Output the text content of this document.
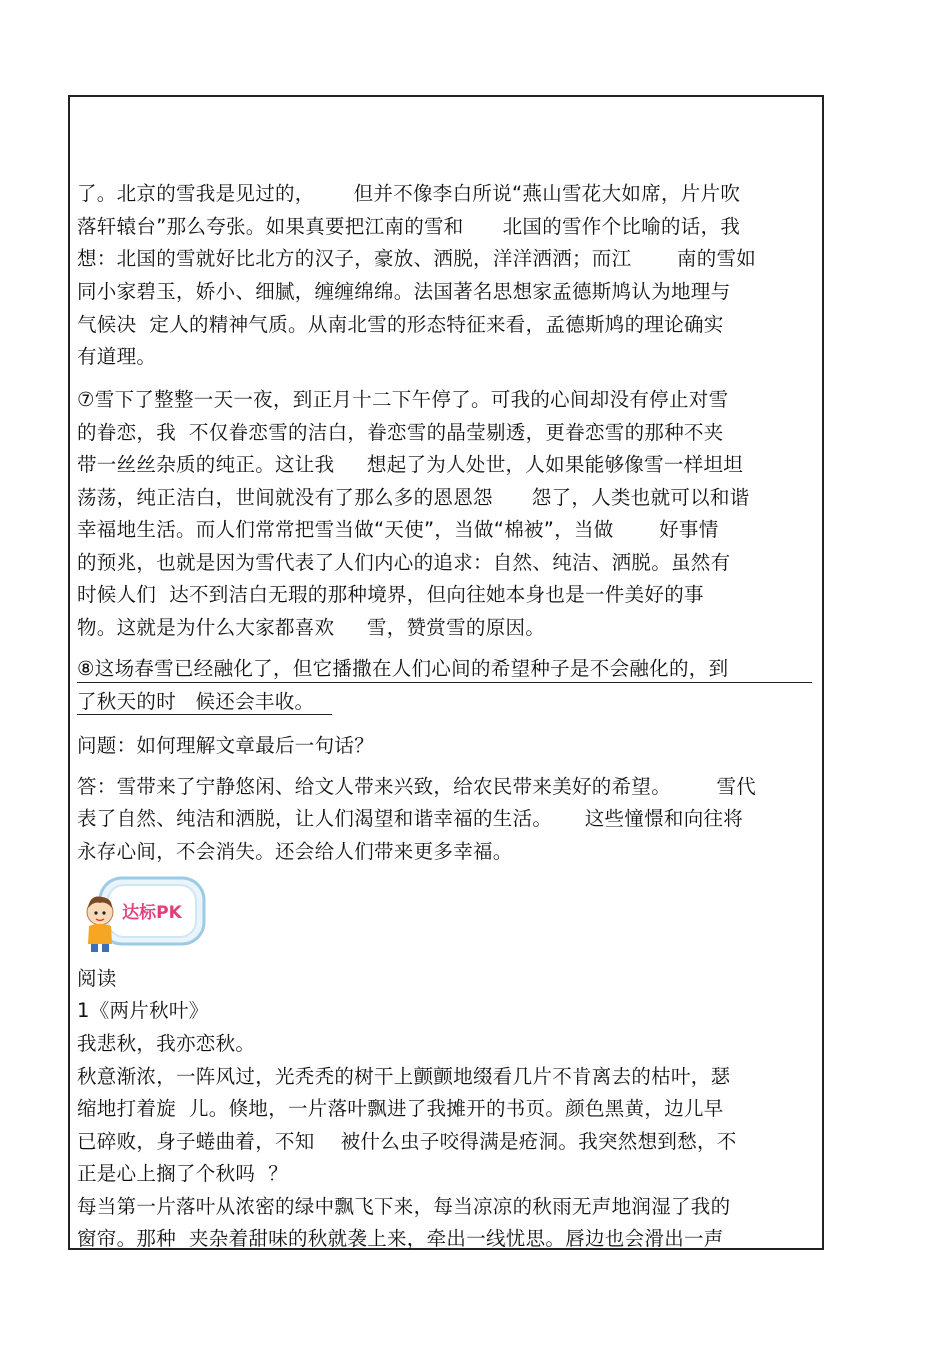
了。北京的雪我是见过的，      但并不像李白所说“燕山雪花大如席，片片吹
落轩辕台”那么夸张。如果真要把江南的雪和      北国的雪作个比喻的话，我
想：北国的雪就好比北方的汉子，豪放、洒脱，洋洋洒洒；而江       南的雪如
同小家碧玉，娇小、细腻，缠缠绵绵。法国著名思想家孟德斯鸠认为地理与
气候决  定人的精神气质。从南北雪的形态特征来看，孟德斯鸠的理论确实
有道理。
⑦雪下了整整一天一夜，到正月十二下午停了。可我的心间却没有停止对雪
的眷恋，我  不仅眷恋雪的洁白，眷恋雪的晶莹剔透，更眷恋雪的那种不夹
带一丝丝杂质的纯正。这让我     想起了为人处世，人如果能够像雪一样坦坦
荡荡，纯正洁白，世间就没有了那么多的恩恩怨      怨了，人类也就可以和谐
幸福地生活。而人们常常把雪当做“天使”，当做“棉被”，当做       好事情
的预兆，也就是因为雪代表了人们内心的追求：自然、纯洁、洒脱。虽然有
时候人们  达不到洁白无瑕的那种境界，但向往她本身也是一件美好的事
物。这就是为什么大家都喜欢     雪，赞赏雪的原因。
⑧这场春雪已经融化了，但它播撒在人们心间的希望种子是不会融化的，到
了秋天的时   候还会丰收。
问题：如何理解文章最后一句话？
答：雪带来了宁静悠闲、给文人带来兴致，给农民带来美好的希望。       雪代
表了自然、纯洁和洒脱，让人们渴望和谐幸福的生活。     这些憧憬和向往将
永存心间，不会消失。还会给人们带来更多幸福。
达标PK
阅读
1《两片秋叶》
我悲秋，我亦恋秋。
秋意渐浓，一阵风过，光秃秃的树干上颤颤地缀看几片不肯离去的枯叶，瑟
缩地打着旋  儿。倏地，一片落叶飘进了我摊开的书页。颜色黑黄，边儿早
已碎败，身子蜷曲着，不知    被什么虫子咬得满是疮洞。我突然想到愁，不
正是心上搁了个秋吗  ？
每当第一片落叶从浓密的绿中飘飞下来，每当凉凉的秋雨无声地润湿了我的
窗帘。那种  夹杂着甜味的秋就袭上来，牵出一线忧思。唇边也会滑出一声
